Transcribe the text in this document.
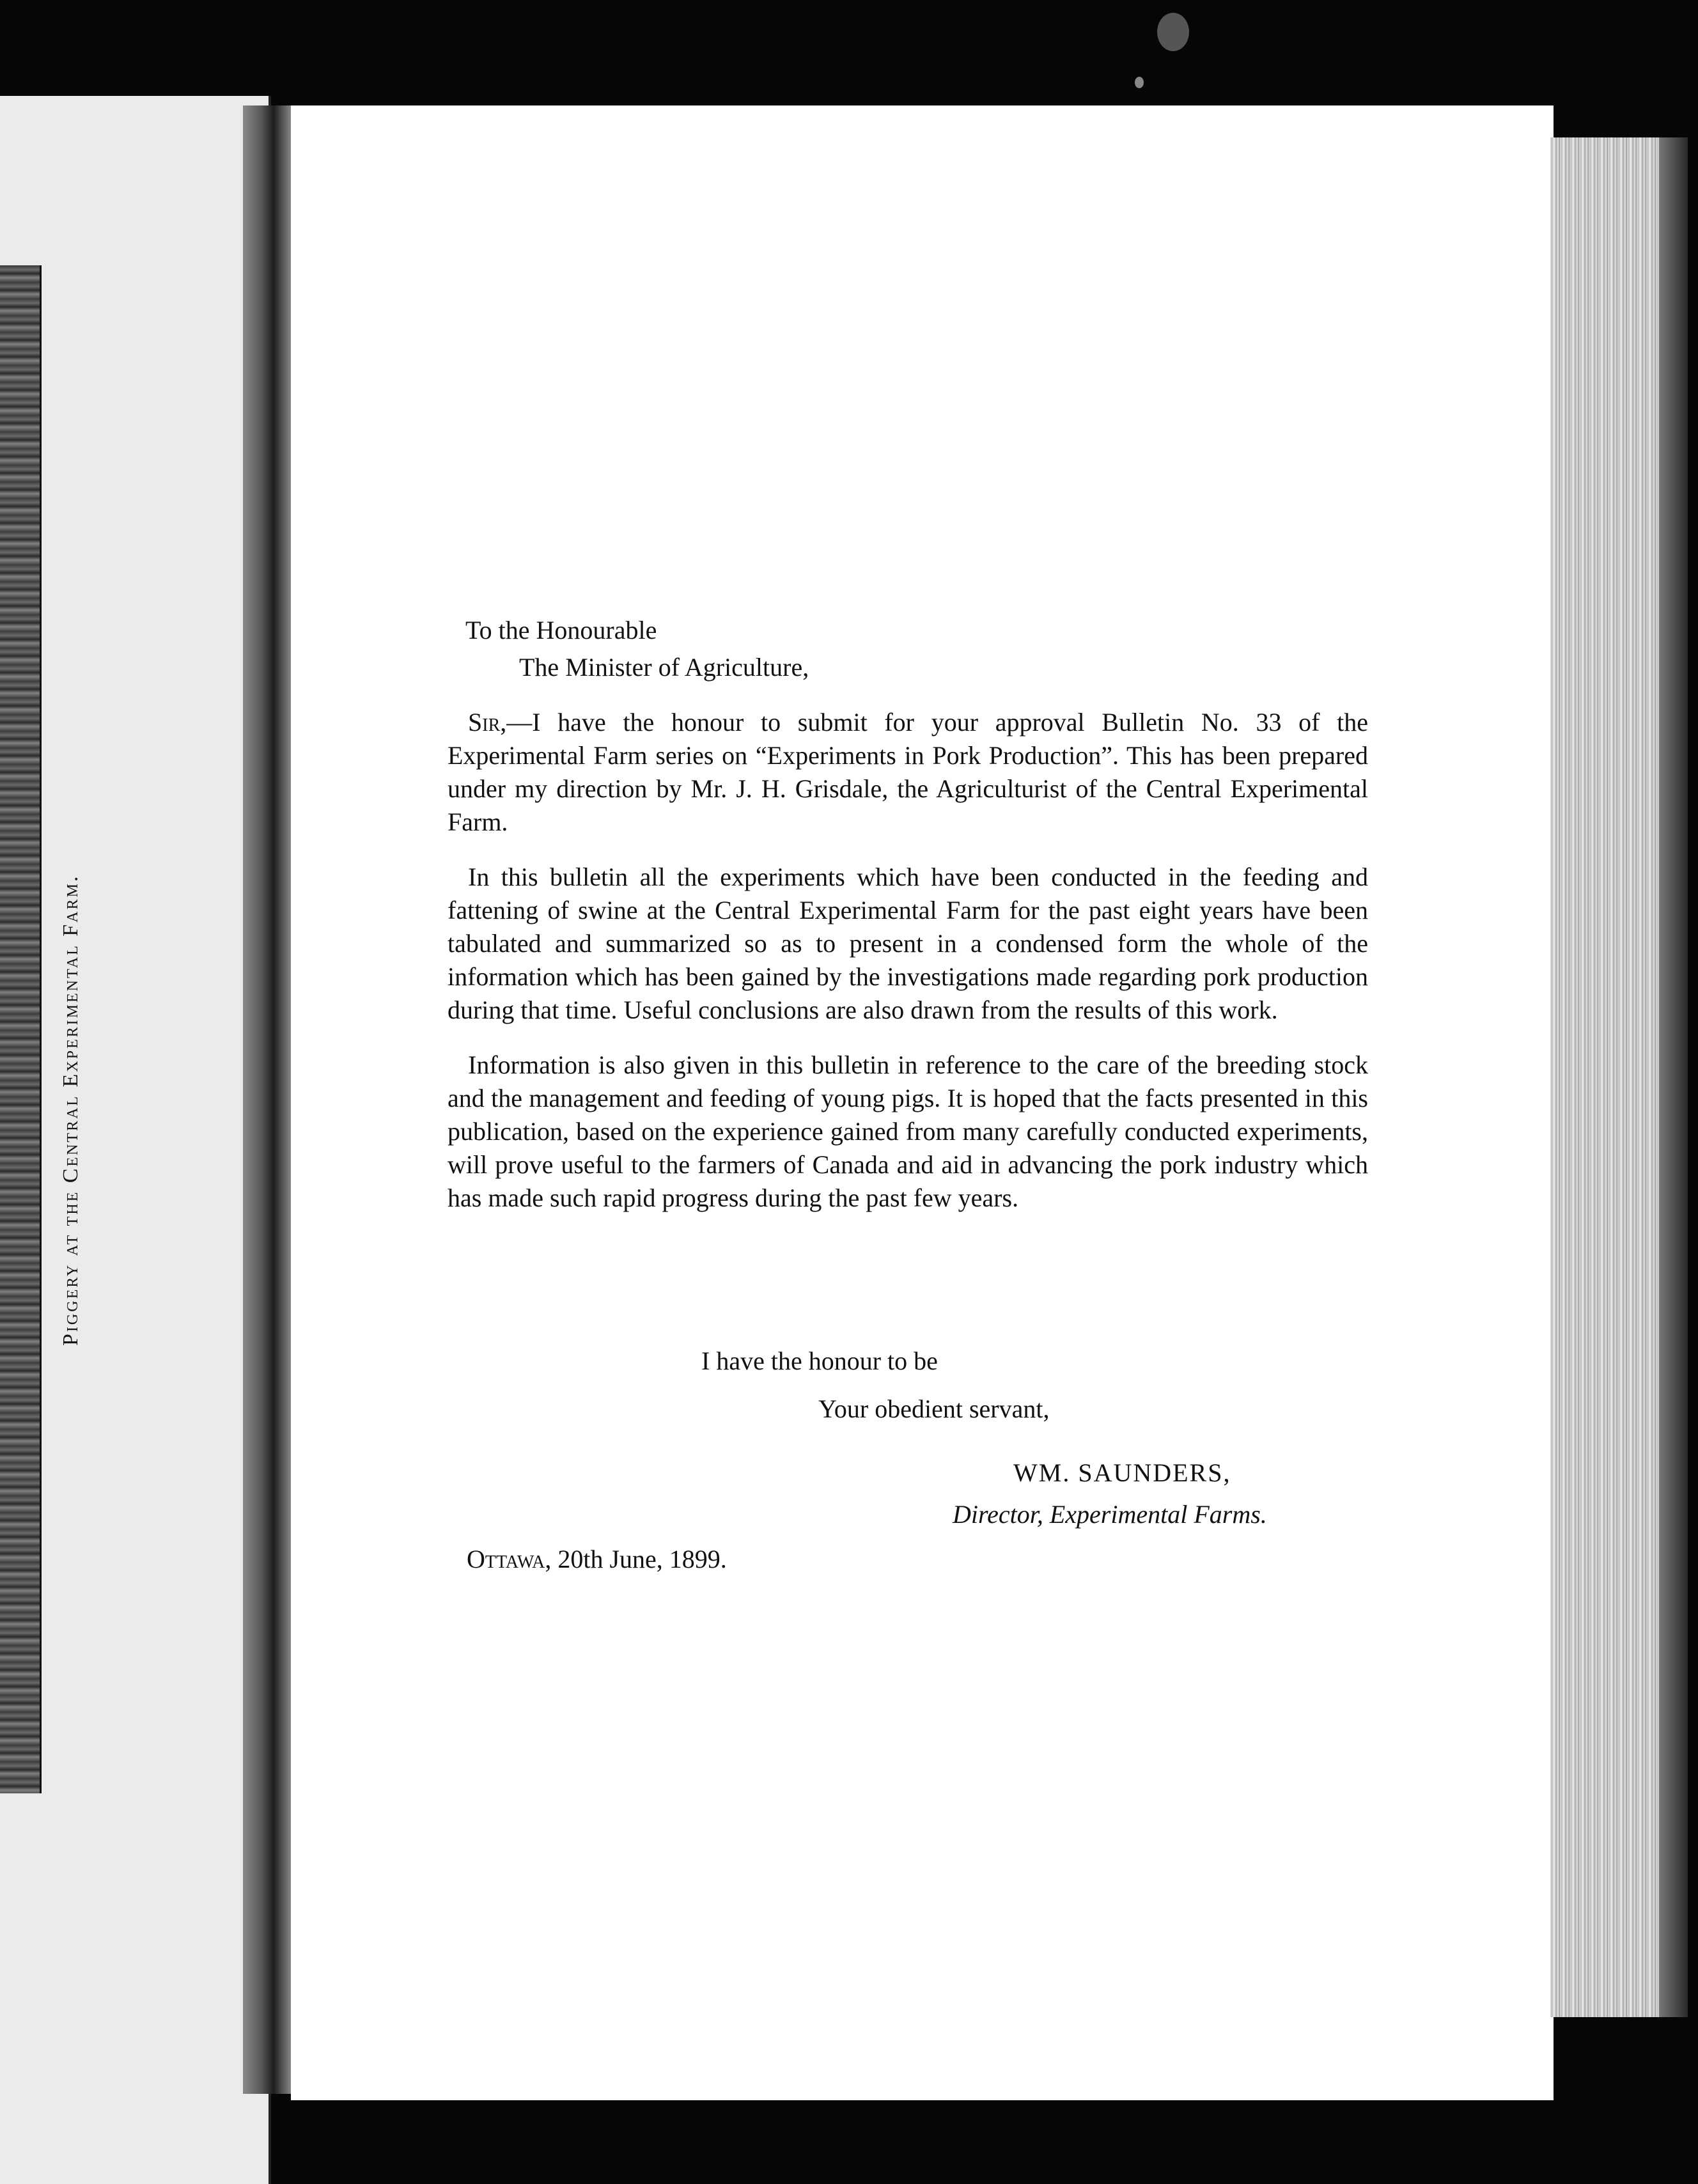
Piggery at the Central Experimental Farm.
To the Honourable
The Minister of Agriculture,

Sir,—I have the honour to submit for your approval Bulletin No. 33 of the Experimental Farm series on “Experiments in Pork Production”. This has been prepared under my direction by Mr. J. H. Grisdale, the Agriculturist of the Central Experimental Farm.

In this bulletin all the experiments which have been conducted in the feeding and fattening of swine at the Central Experimental Farm for the past eight years have been tabulated and summarized so as to present in a condensed form the whole of the information which has been gained by the investigations made regarding pork production during that time. Useful conclusions are also drawn from the results of this work.

Information is also given in this bulletin in reference to the care of the breeding stock and the management and feeding of young pigs. It is hoped that the facts presented in this publication, based on the experience gained from many carefully conducted experiments, will prove useful to the farmers of Canada and aid in advancing the pork industry which has made such rapid progress during the past few years.

I have the honour to be
Your obedient servant,
WM. SAUNDERS,
Director, Experimental Farms.
Ottawa, 20th June, 1899.
